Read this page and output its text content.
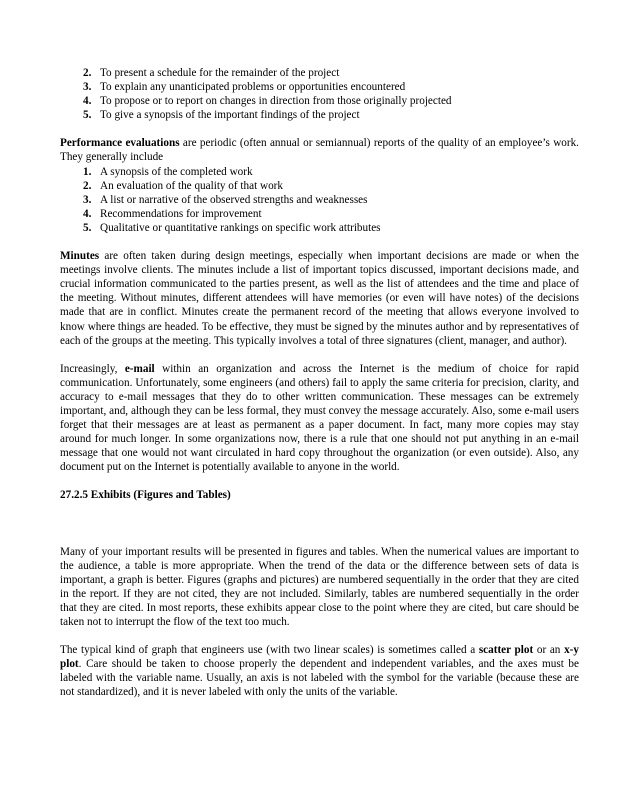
2. To present a schedule for the remainder of the project
3. To explain any unanticipated problems or opportunities encountered
4. To propose or to report on changes in direction from those originally projected
5. To give a synopsis of the important findings of the project

Performance evaluations are periodic (often annual or semiannual) reports of the quality of an employee’s work. They generally include

1. A synopsis of the completed work
2. An evaluation of the quality of that work
3. A list or narrative of the observed strengths and weaknesses
4. Recommendations for improvement
5. Qualitative or quantitative rankings on specific work attributes

Minutes are often taken during design meetings, especially when important decisions are made or when the meetings involve clients. The minutes include a list of important topics discussed, important decisions made, and crucial information communicated to the parties present, as well as the list of attendees and the time and place of the meeting. Without minutes, different attendees will have memories (or even will have notes) of the decisions made that are in conflict. Minutes create the permanent record of the meeting that allows everyone involved to know where things are headed. To be effective, they must be signed by the minutes author and by representatives of each of the groups at the meeting. This typically involves a total of three signatures (client, manager, and author).

Increasingly, e-mail within an organization and across the Internet is the medium of choice for rapid communication. Unfortunately, some engineers (and others) fail to apply the same criteria for precision, clarity, and accuracy to e-mail messages that they do to other written communication. These messages can be extremely important, and, although they can be less formal, they must convey the message accurately. Also, some e-mail users forget that their messages are at least as permanent as a paper document. In fact, many more copies may stay around for much longer. In some organizations now, there is a rule that one should not put anything in an e-mail message that one would not want circulated in hard copy throughout the organization (or even outside). Also, any document put on the Internet is potentially available to anyone in the world.

27.2.5 Exhibits (Figures and Tables)

Many of your important results will be presented in figures and tables. When the numerical values are important to the audience, a table is more appropriate. When the trend of the data or the difference between sets of data is important, a graph is better. Figures (graphs and pictures) are numbered sequentially in the order that they are cited in the report. If they are not cited, they are not included. Similarly, tables are numbered sequentially in the order that they are cited. In most reports, these exhibits appear close to the point where they are cited, but care should be taken not to interrupt the flow of the text too much.

The typical kind of graph that engineers use (with two linear scales) is sometimes called a scatter plot or an x-y plot. Care should be taken to choose properly the dependent and independent variables, and the axes must be labeled with the variable name. Usually, an axis is not labeled with the symbol for the variable (because these are not standardized), and it is never labeled with only the units of the variable.
